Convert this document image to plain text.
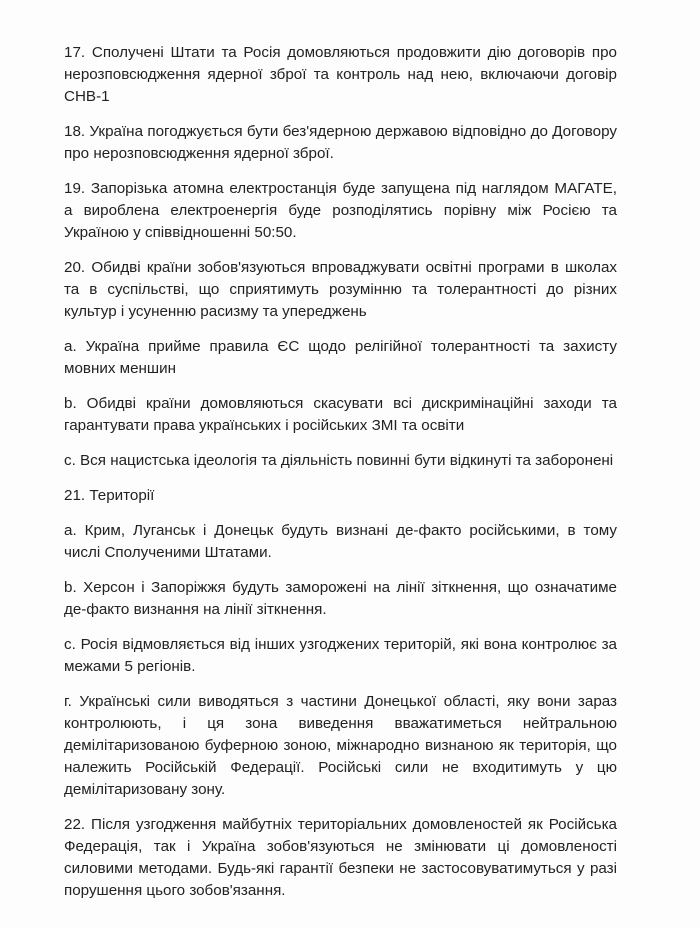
17. Сполучені Штати та Росія домовляються продовжити дію договорів про нерозповсюдження ядерної зброї та контроль над нею, включаючи договір СНВ-1

18. Україна погоджується бути без'ядерною державою відповідно до Договору про нерозповсюдження ядерної зброї.

19. Запорізька атомна електростанція буде запущена під наглядом МАГАТЕ, а вироблена електроенергія буде розподілятись порівну між Росією та Україною у співвідношенні 50:50.

20. Обидві країни зобов'язуються впроваджувати освітні програми в школах та в суспільстві, що сприятимуть розумінню та толерантності до різних культур і усуненню расизму та упереджень

а. Україна прийме правила ЄС щодо релігійної толерантності та захисту мовних меншин

b. Обидві країни домовляються скасувати всі дискримінаційні заходи та гарантувати права українських і російських ЗМІ та освіти

с. Вся нацистська ідеологія та діяльність повинні бути відкинуті та заборонені

21. Території

а. Крим, Луганськ і Донецьк будуть визнані де-факто російськими, в тому числі Сполученими Штатами.

b. Херсон і Запоріжжя будуть заморожені на лінії зіткнення, що означатиме де-факто визнання на лінії зіткнення.

с. Росія відмовляється від інших узгоджених територій, які вона контролює за межами 5 регіонів.

г. Українські сили виводяться з частини Донецької області, яку вони зараз контролюють, і ця зона виведення вважатиметься нейтральною демілітаризованою буферною зоною, міжнародно визнаною як територія, що належить Російській Федерації. Російські сили не входитимуть у цю демілітаризовану зону.

22. Після узгодження майбутніх територіальних домовленостей як Російська Федерація, так і Україна зобов'язуються не змінювати ці домовленості силовими методами. Будь-які гарантії безпеки не застосовуватимуться у разі порушення цього зобов'язання.
